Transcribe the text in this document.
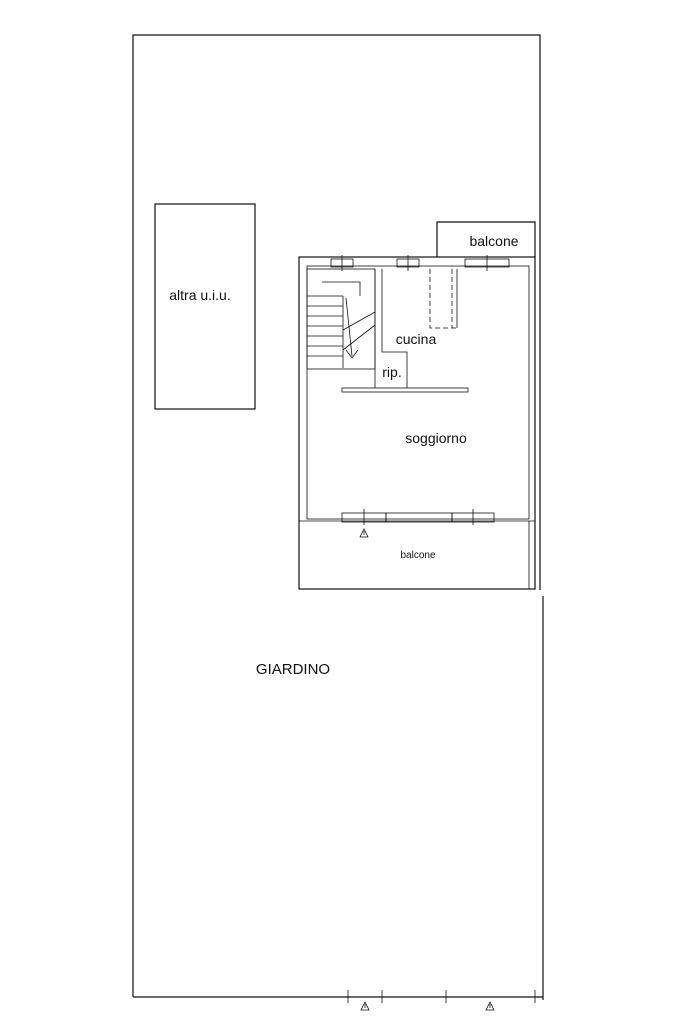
altra u.i.u.
balcone
cucina
rip.
soggiorno
balcone
GIARDINO
